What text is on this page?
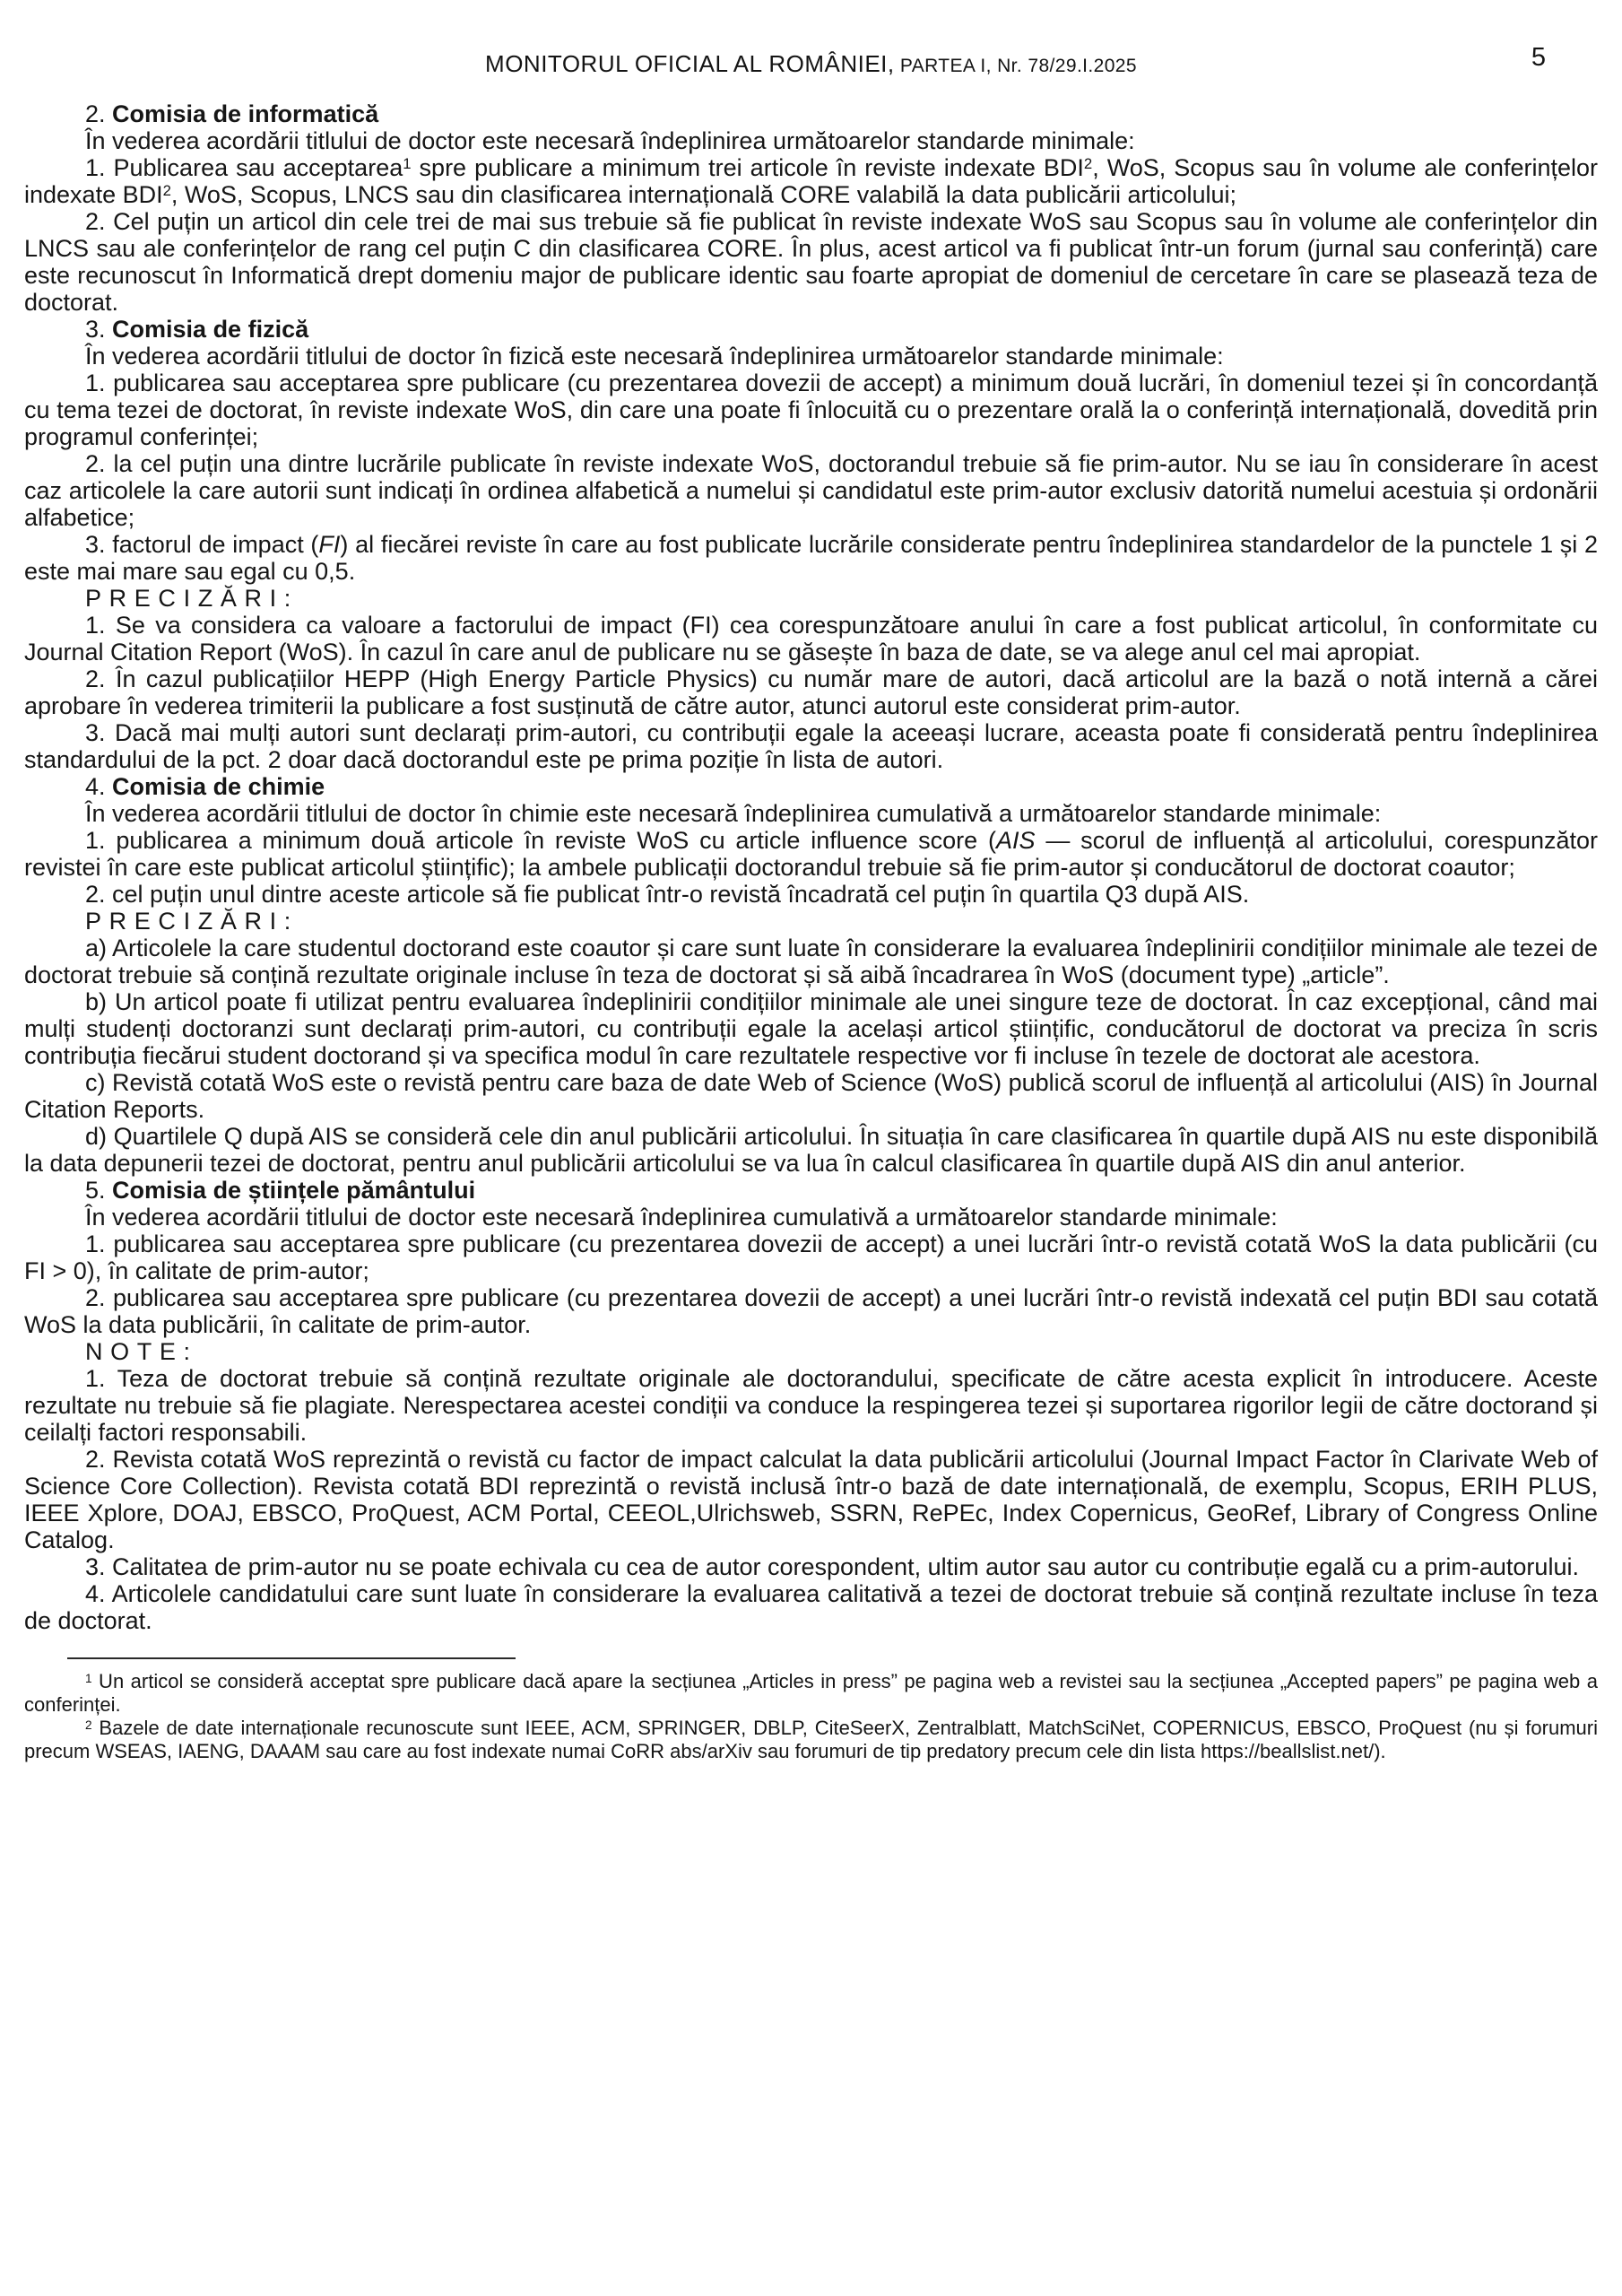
MONITORUL OFICIAL AL ROMÂNIEI, PARTEA I, Nr. 78/29.I.2025	5

2. Comisia de informatică

În vederea acordării titlului de doctor este necesară îndeplinirea următoarelor standarde minimale:

1. Publicarea sau acceptarea$^1$ spre publicare a minimum trei articole în reviste indexate BDI$^2$, WoS, Scopus sau în volume ale conferințelor indexate BDI$^2$, WoS, Scopus, LNCS sau din clasificarea internațională CORE valabilă la data publicării articolului;

2. Cel puțin un articol din cele trei de mai sus trebuie să fie publicat în reviste indexate WoS sau Scopus sau în volume ale conferințelor din LNCS sau ale conferințelor de rang cel puțin C din clasificarea CORE. În plus, acest articol va fi publicat într-un forum (jurnal sau conferință) care este recunoscut în Informatică drept domeniu major de publicare identic sau foarte apropiat de domeniul de cercetare în care se plasează teza de doctorat.

3. Comisia de fizică

În vederea acordării titlului de doctor în fizică este necesară îndeplinirea următoarelor standarde minimale:

1. publicarea sau acceptarea spre publicare (cu prezentarea dovezii de accept) a minimum două lucrări, în domeniul tezei și în concordanță cu tema tezei de doctorat, în reviste indexate WoS, din care una poate fi înlocuită cu o prezentare orală la o conferință internațională, dovedită prin programul conferinței;

2. la cel puțin una dintre lucrările publicate în reviste indexate WoS, doctorandul trebuie să fie prim-autor. Nu se iau în considerare în acest caz articolele la care autorii sunt indicați în ordinea alfabetică a numelui și candidatul este prim-autor exclusiv datorită numelui acestuia și ordonării alfabetice;

3. factorul de impact (FI) al fiecărei reviste în care au fost publicate lucrările considerate pentru îndeplinirea standardelor de la punctele 1 și 2 este mai mare sau egal cu 0,5.

PRECIZĂRI:

1. Se va considera ca valoare a factorului de impact (FI) cea corespunzătoare anului în care a fost publicat articolul, în conformitate cu Journal Citation Report (WoS). În cazul în care anul de publicare nu se găsește în baza de date, se va alege anul cel mai apropiat.

2. În cazul publicațiilor HEPP (High Energy Particle Physics) cu număr mare de autori, dacă articolul are la bază o notă internă a cărei aprobare în vederea trimiterii la publicare a fost susținută de către autor, atunci autorul este considerat prim-autor.

3. Dacă mai mulți autori sunt declarați prim-autori, cu contribuții egale la aceeași lucrare, aceasta poate fi considerată pentru îndeplinirea standardului de la pct. 2 doar dacă doctorandul este pe prima poziție în lista de autori.

4. Comisia de chimie

În vederea acordării titlului de doctor în chimie este necesară îndeplinirea cumulativă a următoarelor standarde minimale:

1. publicarea a minimum două articole în reviste WoS cu article influence score (AIS — scorul de influență al articolului, corespunzător revistei în care este publicat articolul științific); la ambele publicații doctorandul trebuie să fie prim-autor și conducătorul de doctorat coautor;

2. cel puțin unul dintre aceste articole să fie publicat într-o revistă încadrată cel puțin în quartila Q3 după AIS.

PRECIZĂRI:

a) Articolele la care studentul doctorand este coautor și care sunt luate în considerare la evaluarea îndeplinirii condițiilor minimale ale tezei de doctorat trebuie să conțină rezultate originale incluse în teza de doctorat și să aibă încadrarea în WoS (document type) „article”.

b) Un articol poate fi utilizat pentru evaluarea îndeplinirii condițiilor minimale ale unei singure teze de doctorat. În caz excepțional, când mai mulți studenți doctoranzi sunt declarați prim-autori, cu contribuții egale la același articol științific, conducătorul de doctorat va preciza în scris contribuția fiecărui student doctorand și va specifica modul în care rezultatele respective vor fi incluse în tezele de doctorat ale acestora.

c) Revistă cotată WoS este o revistă pentru care baza de date Web of Science (WoS) publică scorul de influență al articolului (AIS) în Journal Citation Reports.

d) Quartilele Q după AIS se consideră cele din anul publicării articolului. În situația în care clasificarea în quartile după AIS nu este disponibilă la data depunerii tezei de doctorat, pentru anul publicării articolului se va lua în calcul clasificarea în quartile după AIS din anul anterior.

5. Comisia de științele pământului

În vederea acordării titlului de doctor este necesară îndeplinirea cumulativă a următoarelor standarde minimale:

1. publicarea sau acceptarea spre publicare (cu prezentarea dovezii de accept) a unei lucrări într-o revistă cotată WoS la data publicării (cu FI > 0), în calitate de prim-autor;

2. publicarea sau acceptarea spre publicare (cu prezentarea dovezii de accept) a unei lucrări într-o revistă indexată cel puțin BDI sau cotată WoS la data publicării, în calitate de prim-autor.

NOTE:

1. Teza de doctorat trebuie să conțină rezultate originale ale doctorandului, specificate de către acesta explicit în introducere. Aceste rezultate nu trebuie să fie plagiate. Nerespectarea acestei condiții va conduce la respingerea tezei și suportarea rigorilor legii de către doctorand și ceilalți factori responsabili.

2. Revista cotată WoS reprezintă o revistă cu factor de impact calculat la data publicării articolului (Journal Impact Factor în Clarivate Web of Science Core Collection). Revista cotată BDI reprezintă o revistă inclusă într-o bază de date internațională, de exemplu, Scopus, ERIH PLUS, IEEE Xplore, DOAJ, EBSCO, ProQuest, ACM Portal, CEEOL,Ulrichsweb, SSRN, RePEc, Index Copernicus, GeoRef, Library of Congress Online Catalog.

3. Calitatea de prim-autor nu se poate echivala cu cea de autor corespondent, ultim autor sau autor cu contribuție egală cu a prim-autorului.

4. Articolele candidatului care sunt luate în considerare la evaluarea calitativă a tezei de doctorat trebuie să conțină rezultate incluse în teza de doctorat.

$^1$ Un articol se consideră acceptat spre publicare dacă apare la secțiunea „Articles in press” pe pagina web a revistei sau la secțiunea „Accepted papers” pe pagina web a conferinței.

$^2$ Bazele de date internaționale recunoscute sunt IEEE, ACM, SPRINGER, DBLP, CiteSeerX, Zentralblatt, MatchSciNet, COPERNICUS, EBSCO, ProQuest (nu și forumuri precum WSEAS, IAENG, DAAAM sau care au fost indexate numai CoRR abs/arXiv sau forumuri de tip predatory precum cele din lista https://beallslist.net/).
